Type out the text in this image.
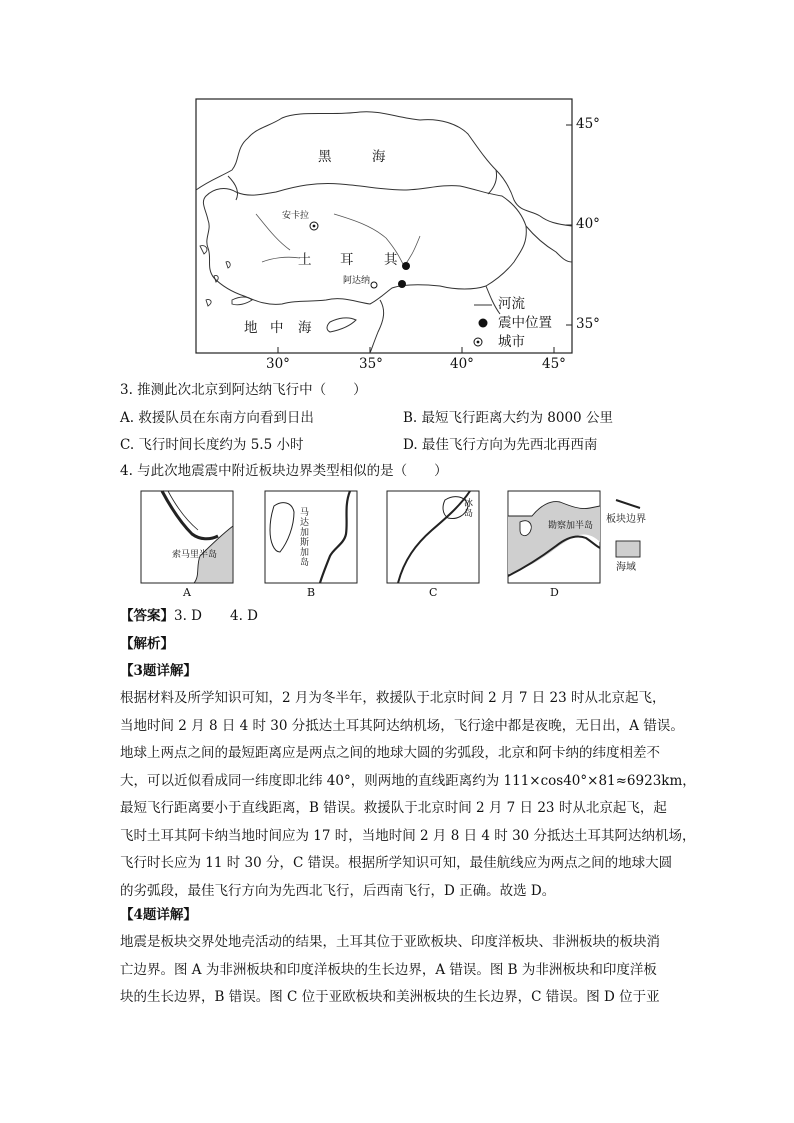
45°
40°
35°
30°	35°	40°	45°
黑	海
土 耳 其
地 中 海
安卡拉
阿达纳
河流
震中位置
城市
3. 推测此次北京到阿达纳飞行中（　　）
A. 救援队员在东南方向看到日出	B. 最短飞行距离大约为 8000 公里
C. 飞行时间长度约为 5.5 小时	D. 最佳飞行方向为先西北再西南
4. 与此次地震震中附近板块边界类型相似的是（　　）
索马里半岛
马达加斯加岛
冰岛
勘察加半岛
A	B	C	D
板块边界
海域
【答案】3. D 4. D
【解析】
【3题详解】
根据材料及所学知识可知，2 月为冬半年，救援队于北京时间 2 月 7 日 23 时从北京起飞，
当地时间 2 月 8 日 4 时 30 分抵达土耳其阿达纳机场，飞行途中都是夜晚，无日出，A 错误。
地球上两点之间的最短距离应是两点之间的地球大圆的劣弧段，北京和阿卡纳的纬度相差不
大，可以近似看成同一纬度即北纬 40°，则两地的直线距离约为 111×cos40°×81≈6923km，
最短飞行距离要小于直线距离，B 错误。救援队于北京时间 2 月 7 日 23 时从北京起飞，起
飞时土耳其阿卡纳当地时间应为 17 时，当地时间 2 月 8 日 4 时 30 分抵达土耳其阿达纳机场，
飞行时长应为 11 时 30 分，C 错误。根据所学知识可知，最佳航线应为两点之间的地球大圆
的劣弧段，最佳飞行方向为先西北飞行，后西南飞行，D 正确。故选 D。
【4题详解】
地震是板块交界处地壳活动的结果，土耳其位于亚欧板块、印度洋板块、非洲板块的板块消
亡边界。图 A 为非洲板块和印度洋板块的生长边界，A 错误。图 B 为非洲板块和印度洋板
块的生长边界，B 错误。图 C 位于亚欧板块和美洲板块的生长边界，C 错误。图 D 位于亚
